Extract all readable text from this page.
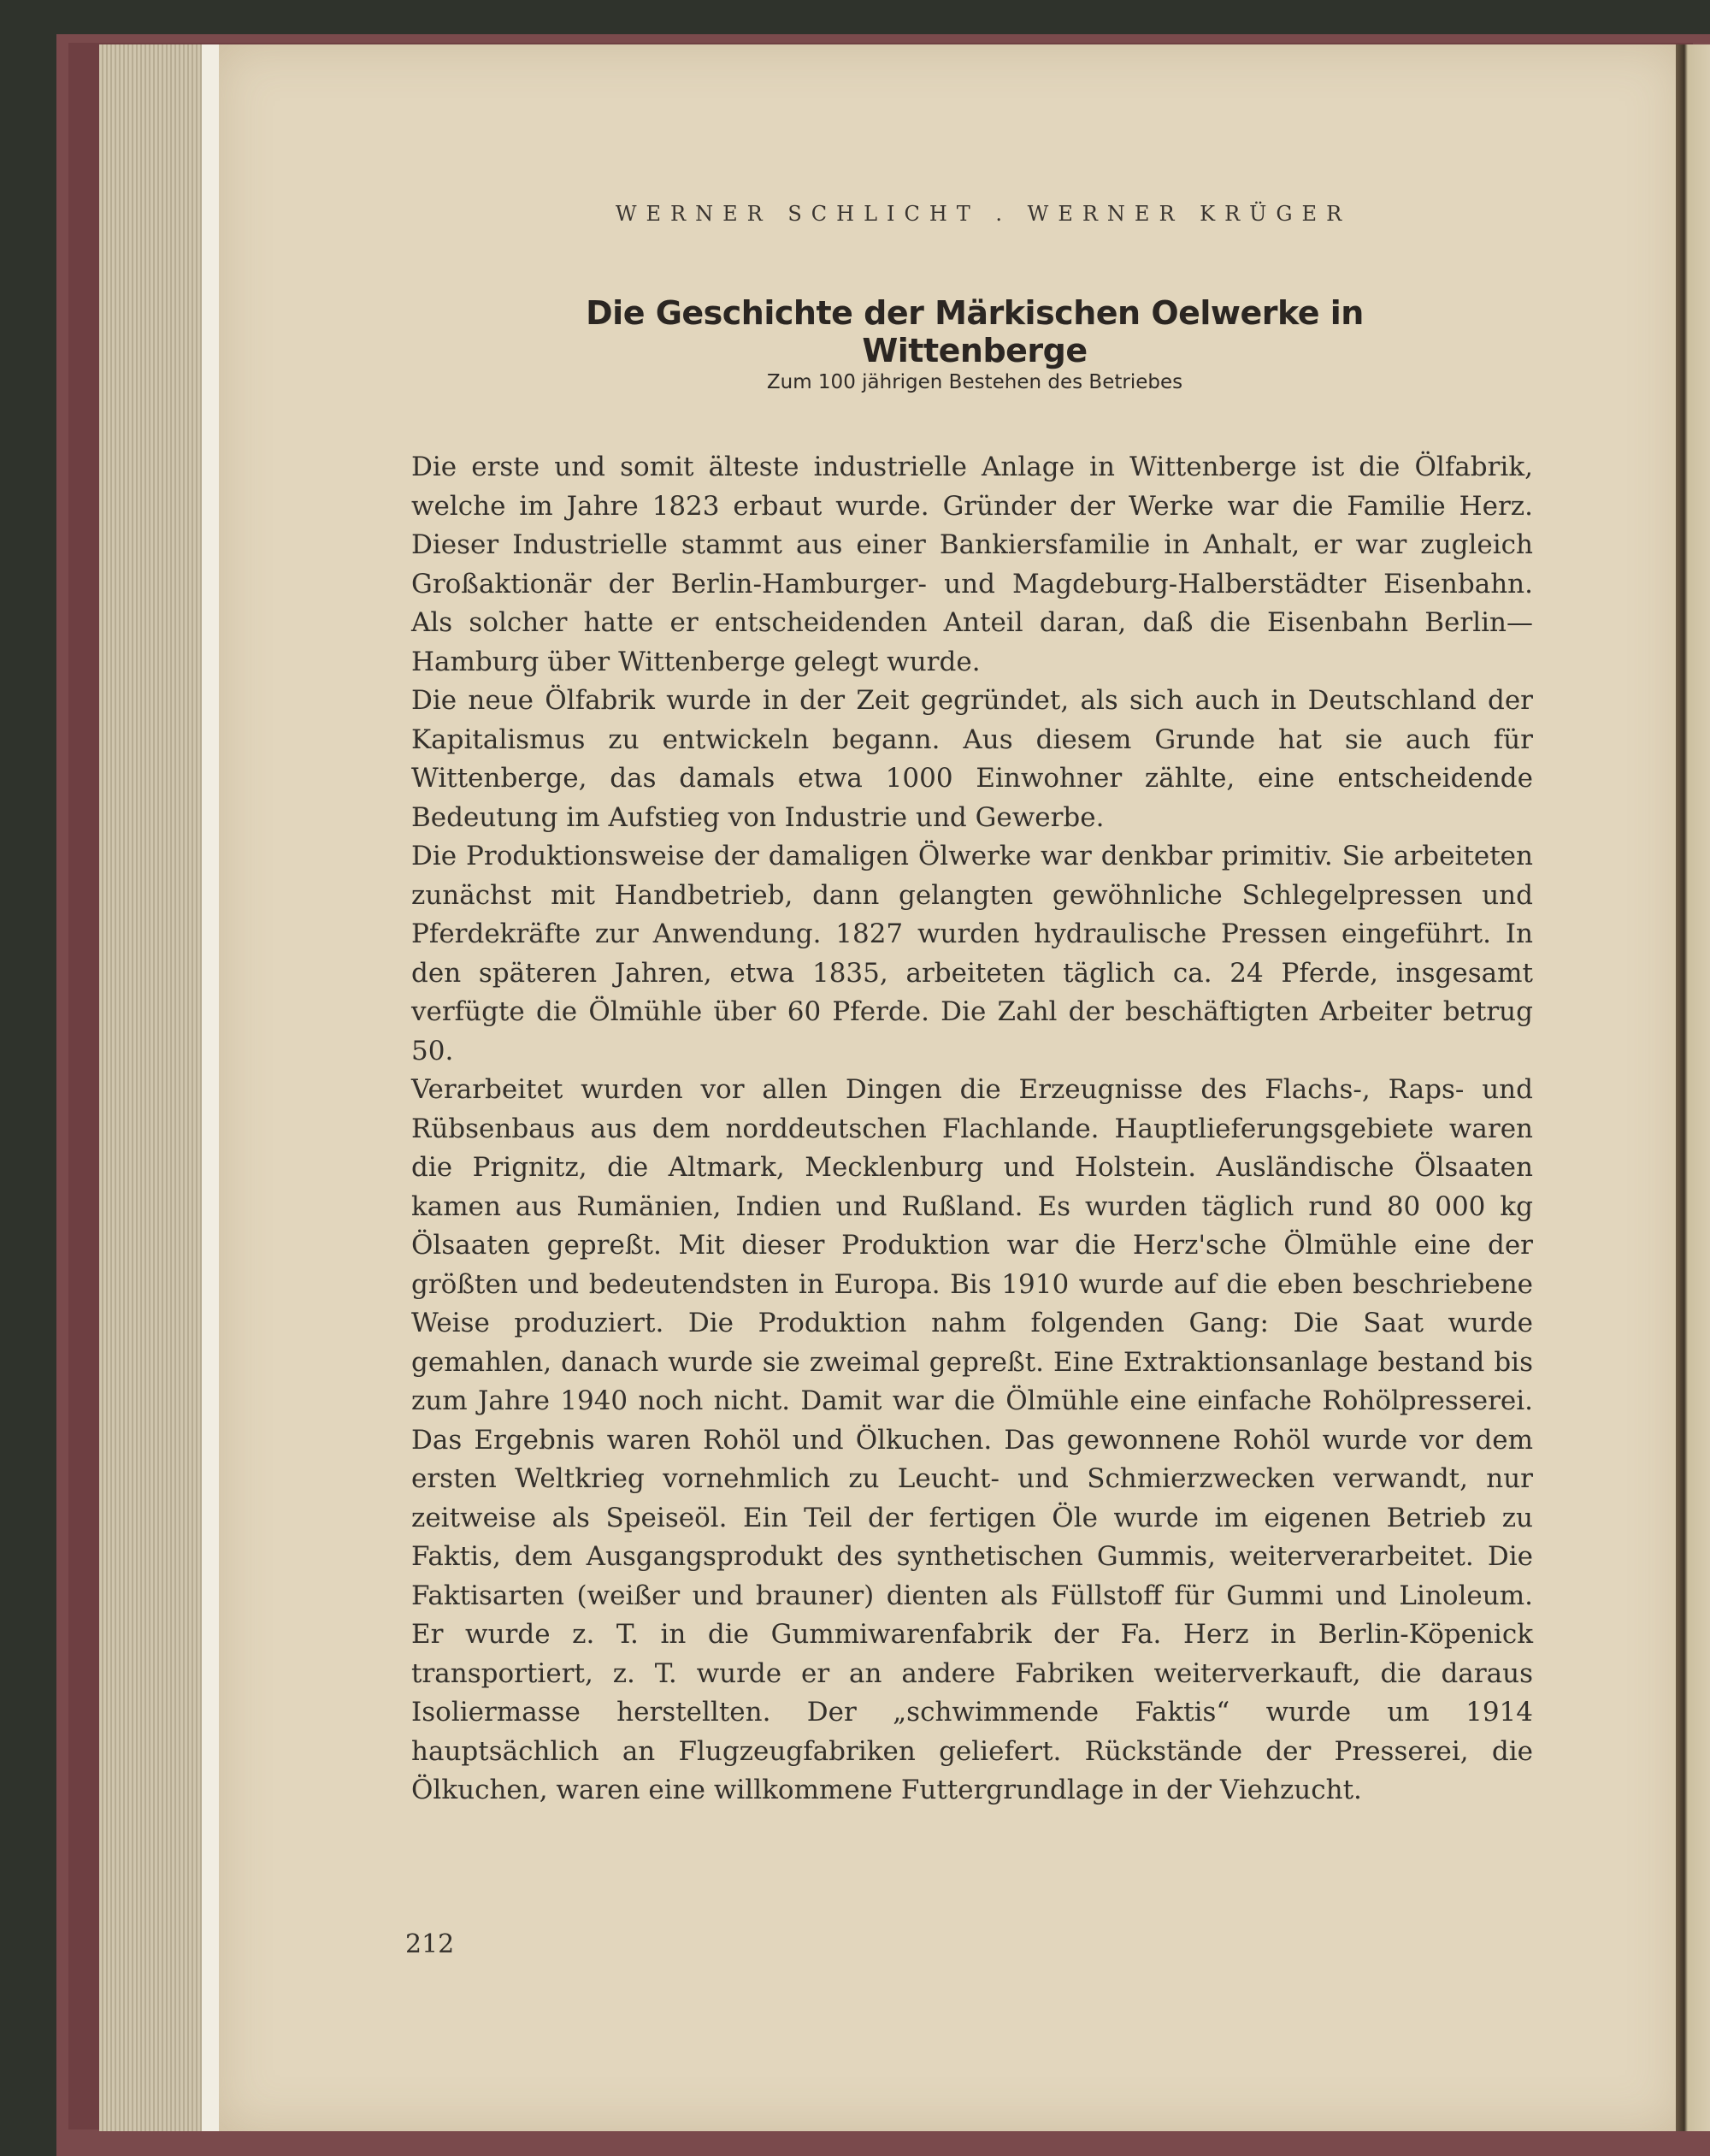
WERNER SCHLICHT . WERNER KRÜGER
Die Geschichte der Märkischen Oelwerke in Wittenberge
Zum 100 jährigen Bestehen des Betriebes

Die erste und somit älteste industrielle Anlage in Wittenberge ist die Ölfabrik, welche im Jahre 1823 erbaut wurde. Gründer der Werke war die Familie Herz. Dieser Industrielle stammt aus einer Bankiersfamilie in Anhalt, er war zugleich Großaktionär der Berlin-Hamburger- und Magdeburg-Halberstädter Eisenbahn. Als solcher hatte er entscheidenden Anteil daran, daß die Eisenbahn Berlin—Hamburg über Wittenberge gelegt wurde.

Die neue Ölfabrik wurde in der Zeit gegründet, als sich auch in Deutschland der Kapitalismus zu entwickeln begann. Aus diesem Grunde hat sie auch für Wittenberge, das damals etwa 1000 Einwohner zählte, eine entscheidende Bedeutung im Aufstieg von Industrie und Gewerbe.

Die Produktionsweise der damaligen Ölwerke war denkbar primitiv. Sie arbeiteten zunächst mit Handbetrieb, dann gelangten gewöhnliche Schlegelpressen und Pferdekräfte zur Anwendung. 1827 wurden hydraulische Pressen eingeführt. In den späteren Jahren, etwa 1835, arbeiteten täglich ca. 24 Pferde, insgesamt verfügte die Ölmühle über 60 Pferde. Die Zahl der beschäftigten Arbeiter betrug 50.

Verarbeitet wurden vor allen Dingen die Erzeugnisse des Flachs-, Raps- und Rübsenbaus aus dem norddeutschen Flachlande. Hauptlieferungsgebiete waren die Prignitz, die Altmark, Mecklenburg und Holstein. Ausländische Ölsaaten kamen aus Rumänien, Indien und Rußland. Es wurden täglich rund 80 000 kg Ölsaaten gepreßt. Mit dieser Produktion war die Herz'sche Ölmühle eine der größten und bedeutendsten in Europa. Bis 1910 wurde auf die eben beschriebene Weise produziert. Die Produktion nahm folgenden Gang: Die Saat wurde gemahlen, danach wurde sie zweimal gepreßt. Eine Extraktionsanlage bestand bis zum Jahre 1940 noch nicht. Damit war die Ölmühle eine einfache Rohölpresserei. Das Ergebnis waren Rohöl und Ölkuchen. Das gewonnene Rohöl wurde vor dem ersten Weltkrieg vornehmlich zu Leucht- und Schmierzwecken verwandt, nur zeitweise als Speiseöl. Ein Teil der fertigen Öle wurde im eigenen Betrieb zu Faktis, dem Ausgangsprodukt des synthetischen Gummis, weiterverarbeitet. Die Faktisarten (weißer und brauner) dienten als Füllstoff für Gummi und Linoleum. Er wurde z. T. in die Gummiwarenfabrik der Fa. Herz in Berlin-Köpenick transportiert, z. T. wurde er an andere Fabriken weiterverkauft, die daraus Isoliermasse herstellten. Der „schwimmende Faktis“ wurde um 1914 hauptsächlich an Flugzeugfabriken geliefert. Rückstände der Presserei, die Ölkuchen, waren eine willkommene Futtergrundlage in der Viehzucht.

212
